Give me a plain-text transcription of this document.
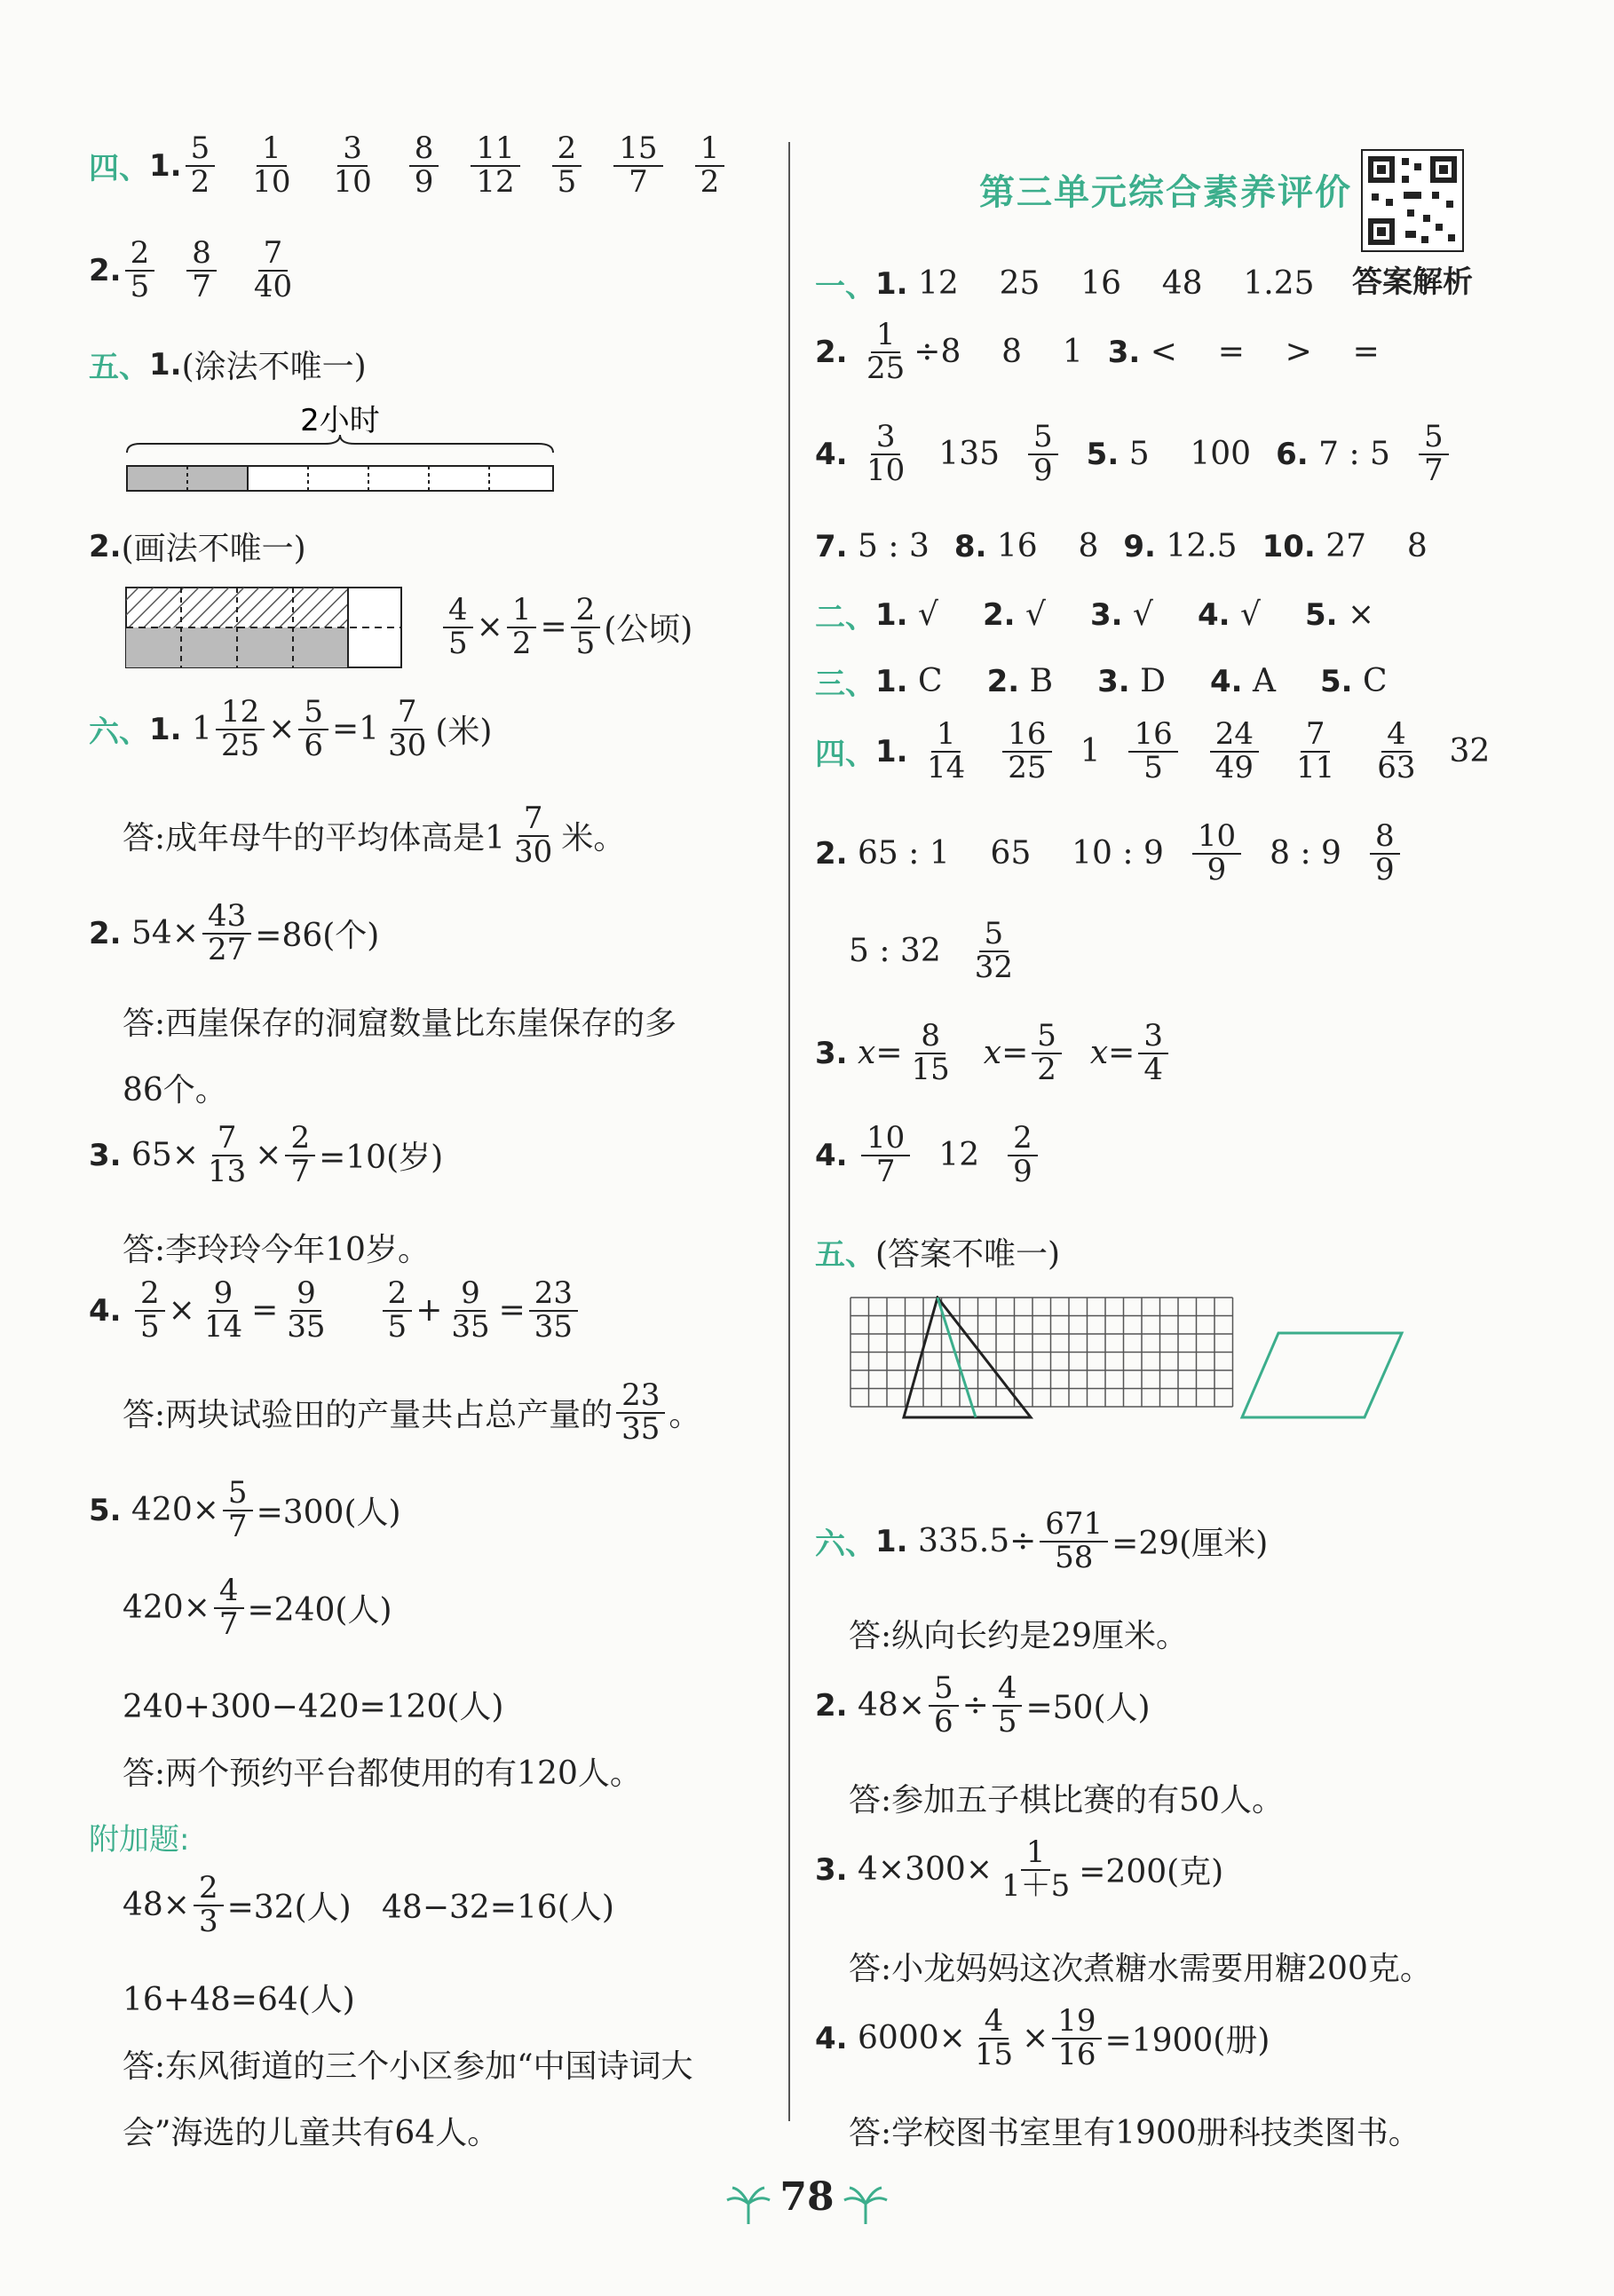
四、 1. 5
2
1
10
3
10
8
9
11
12
2
5
15
7
1
2
2. 2
5
8
7
7
40
五、 1. (涂法不唯一)
2小时
2. (画法不唯一)
$\frac{4}{5} \times \frac{1}{2} = \frac{2}{5}$ (公顷)
六、 1.
$1 \frac{12}{25} \times \frac{5}{6} =1$ 7
30 (米)
答:成年母牛的平均体高是1
7
30 米。
2.
$54\times \frac{43}{27} =86$(个)
答:西崖保存的洞窟数量比东崖保存的多
86个。
3.
$65\times \frac{7}{13} \times \frac{2}{7} =10$(岁)
答:李玲玲今年10岁。
4.
$\frac{2}{5} \times \frac{9}{14} = \frac{9}{35} 2$
$5 + \frac{9}{35} = \frac{23}{35}$
答:两块试验田的产量共占总产量的
23
35 。
5.
$420\times \frac{5}{7} =300$(人)
$420\times \frac{4}{7} =240$(人)
240+300−420=120(人)
答:两个预约平台都使用的有120人。
附加题:
$48\times \frac{2}{3} =32$(人)   48−32=16(人)
16+48=64(人)
答:东风街道的三个小区参加“中国诗词大
会”海选的儿童共有64人。
第三单元综合素养评价
答案解析
一、 1.
12    25    16    48    1.25
2.
$\frac{1}{25} \div 8$    8    1 3.
<    =    >    =
4.
3
10 135 5
9 5.
5    100 6.
7 : 5 5
7
7.
5 : 3 8.
16    8 9.
12.5 10.
27    8
二、 1.
√ 2.
√ 3.
√ 4.
√ 5.
×
三、 1.
C 2.
B 3.
D 4.
A 5.
C
四、 1.
1
14
16
25 1 16
5
24
49
7
11
4
63 32
2.
65 : 1    65    10 : 9 10
9 8 : 9 8
9
5 : 32 5
32
3.
$x= \frac{8}{15} x= \frac{5}{2} x= \frac{3}{4}$
4.
10
7 12 2
9
五、 (答案不唯一)
六、 1.
$335.5\div \frac{671}{58} =29$(厘米)
答:纵向长约是29厘米。
2.
$48\times \frac{5}{6} \div \frac{4}{5} =50$(人)
答:参加五子棋比赛的有50人。
3.
$4\times 300\times \frac{1}{1+5} =200$(克)
答:小龙妈妈这次煮糖水需要用糖200克。
4.
$6000\times \frac{4}{15} \times \frac{19}{16} =1900$(册)
答:学校图书室里有1900册科技类图书。
78
